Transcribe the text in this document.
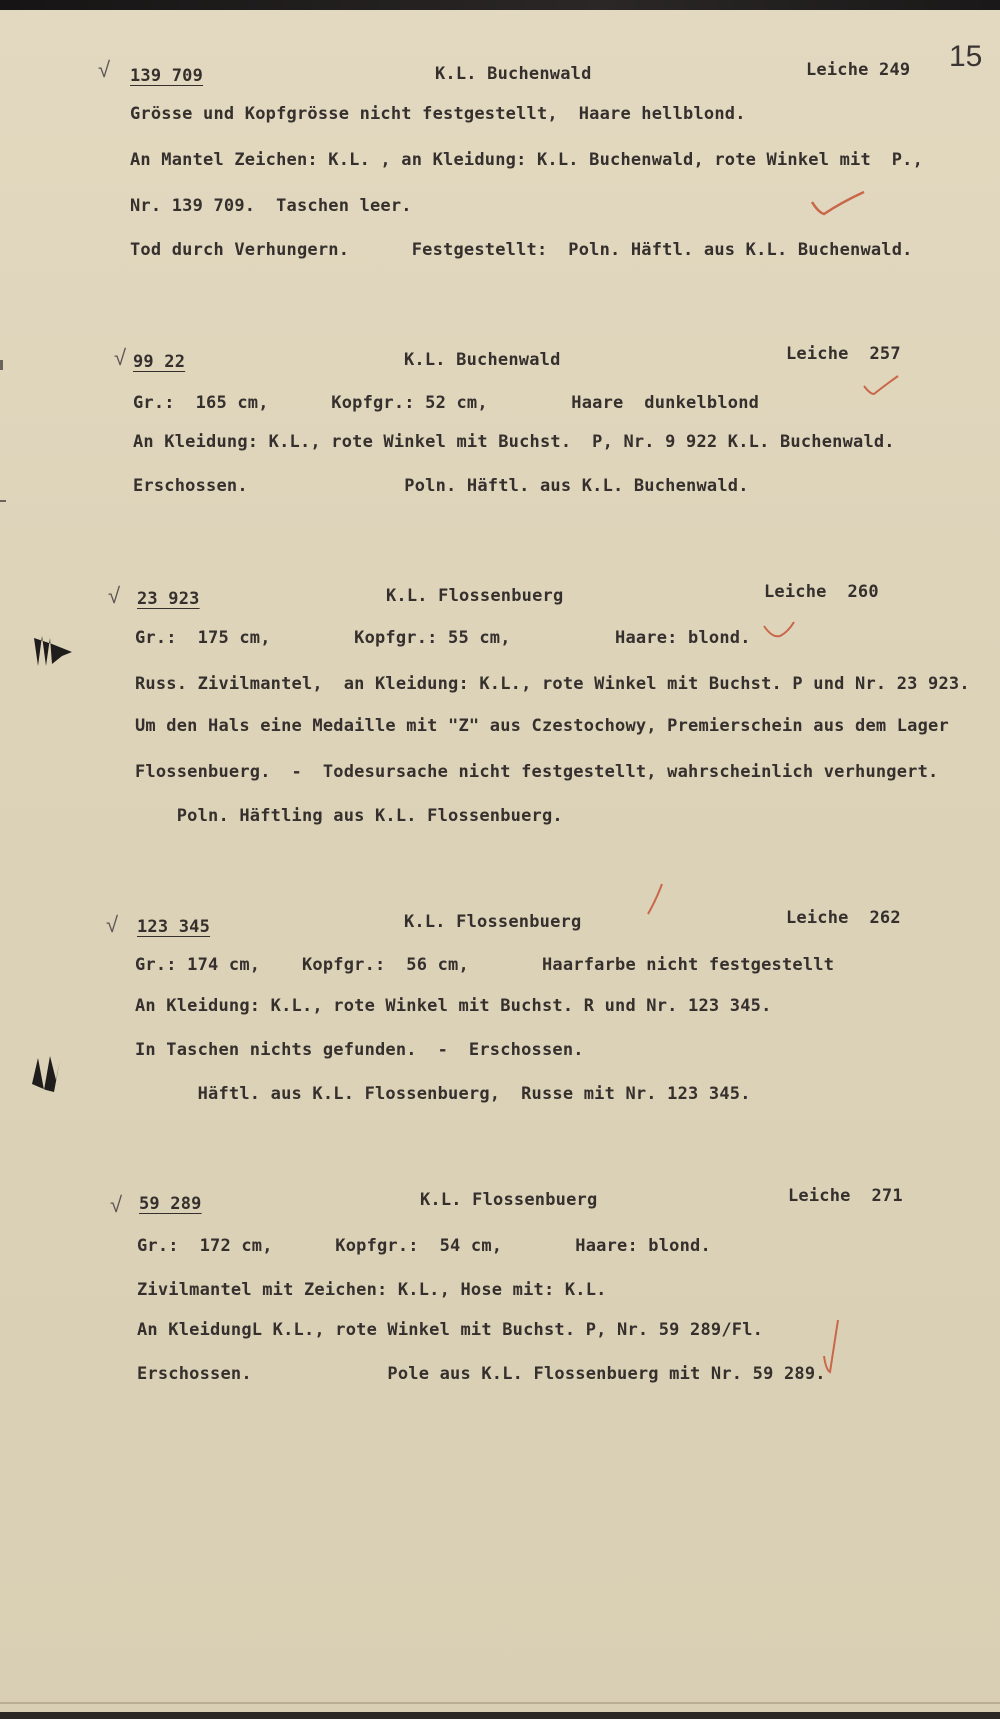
15
√ 139 709	K.L. Buchenwald	Leiche 249
Grösse und Kopfgrösse nicht festgestellt,  Haare hellblond.
An Mantel Zeichen: K.L. , an Kleidung: K.L. Buchenwald, rote Winkel mit  P.,
Nr. 139 709.  Taschen leer.
Tod durch Verhungern.      Festgestellt:  Poln. Häftl. aus K.L. Buchenwald.
√ 99 22	K.L. Buchenwald	Leiche  257
Gr.:  165 cm,      Kopfgr.: 52 cm,        Haare  dunkelblond
An Kleidung: K.L., rote Winkel mit Buchst.  P, Nr. 9 922 K.L. Buchenwald.
Erschossen.               Poln. Häftl. aus K.L. Buchenwald.
√ 23 923	K.L. Flossenbuerg	Leiche  260
Gr.:  175 cm,        Kopfgr.: 55 cm,          Haare: blond.
Russ. Zivilmantel,  an Kleidung: K.L., rote Winkel mit Buchst. P und Nr. 23 923.
Um den Hals eine Medaille mit "Z" aus Czestochowy, Premierschein aus dem Lager
Flossenbuerg.  -  Todesursache nicht festgestellt, wahrscheinlich verhungert.
Poln. Häftling aus K.L. Flossenbuerg.
√ 123 345	K.L. Flossenbuerg	Leiche  262
Gr.: 174 cm,    Kopfgr.:  56 cm,       Haarfarbe nicht festgestellt
An Kleidung: K.L., rote Winkel mit Buchst. R und Nr. 123 345.
In Taschen nichts gefunden.  -  Erschossen.
Häftl. aus K.L. Flossenbuerg,  Russe mit Nr. 123 345.
√ 59 289	K.L. Flossenbuerg	Leiche  271
Gr.:  172 cm,      Kopfgr.:  54 cm,       Haare: blond.
Zivilmantel mit Zeichen: K.L., Hose mit: K.L.
An KleidungL K.L., rote Winkel mit Buchst. P, Nr. 59 289/Fl.
Erschossen.             Pole aus K.L. Flossenbuerg mit Nr. 59 289.
